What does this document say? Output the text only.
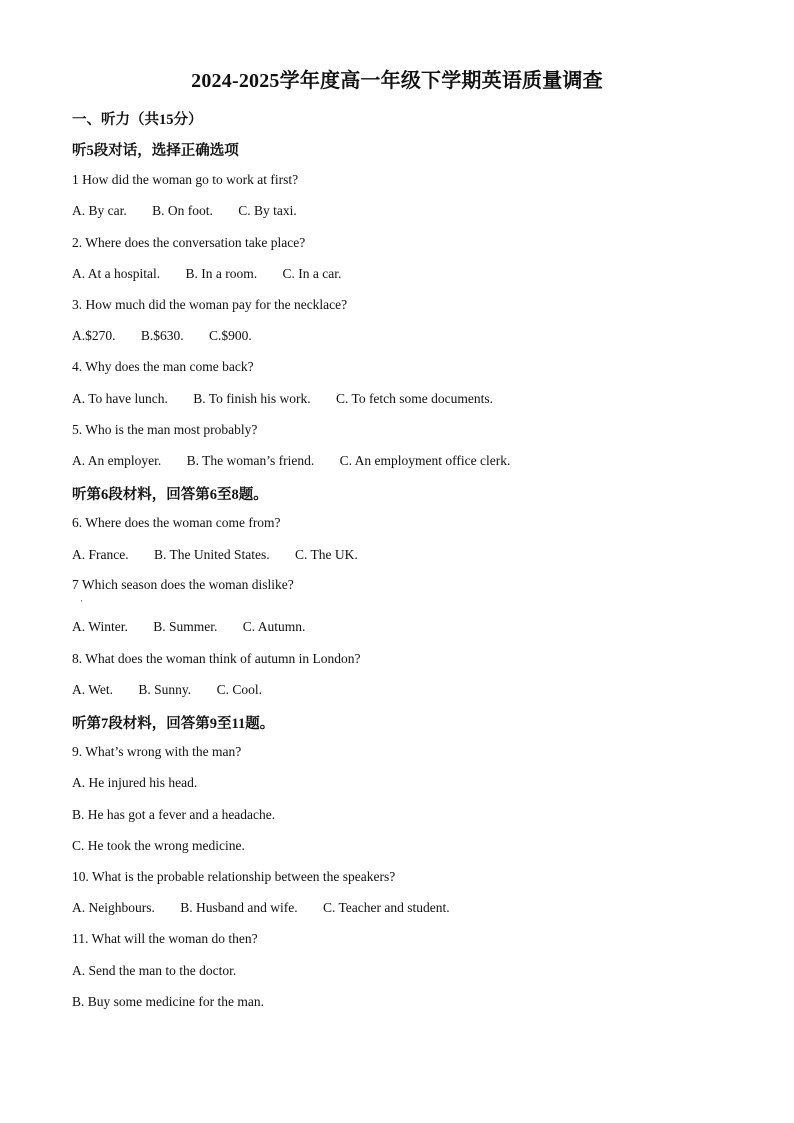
2024-2025学年度高一年级下学期英语质量调查
一、听力（共15分）
听5段对话，选择正确选项
1 How did the woman go to work at first?
A. By car. B. On foot. C. By taxi.
2. Where does the conversation take place?
A. At a hospital. B. In a room. C. In a car.
3. How much did the woman pay for the necklace?
A.$270. B.$630. C.$900.
4. Why does the man come back?
A. To have lunch. B. To finish his work. C. To fetch some documents.
5. Who is the man most probably?
A. An employer. B. The woman’s friend. C. An employment office clerk.
听第6段材料，回答第6至8题。
6. Where does the woman come from?
A. France. B. The United States. C. The UK.
7 Which season does the woman dislike?
·
A. Winter. B. Summer. C. Autumn.
8. What does the woman think of autumn in London?
A. Wet. B. Sunny. C. Cool.
听第7段材料，回答第9至11题。
9. What’s wrong with the man?
A. He injured his head.
B. He has got a fever and a headache.
C. He took the wrong medicine.
10. What is the probable relationship between the speakers?
A. Neighbours. B. Husband and wife. C. Teacher and student.
11. What will the woman do then?
A. Send the man to the doctor.
B. Buy some medicine for the man.
